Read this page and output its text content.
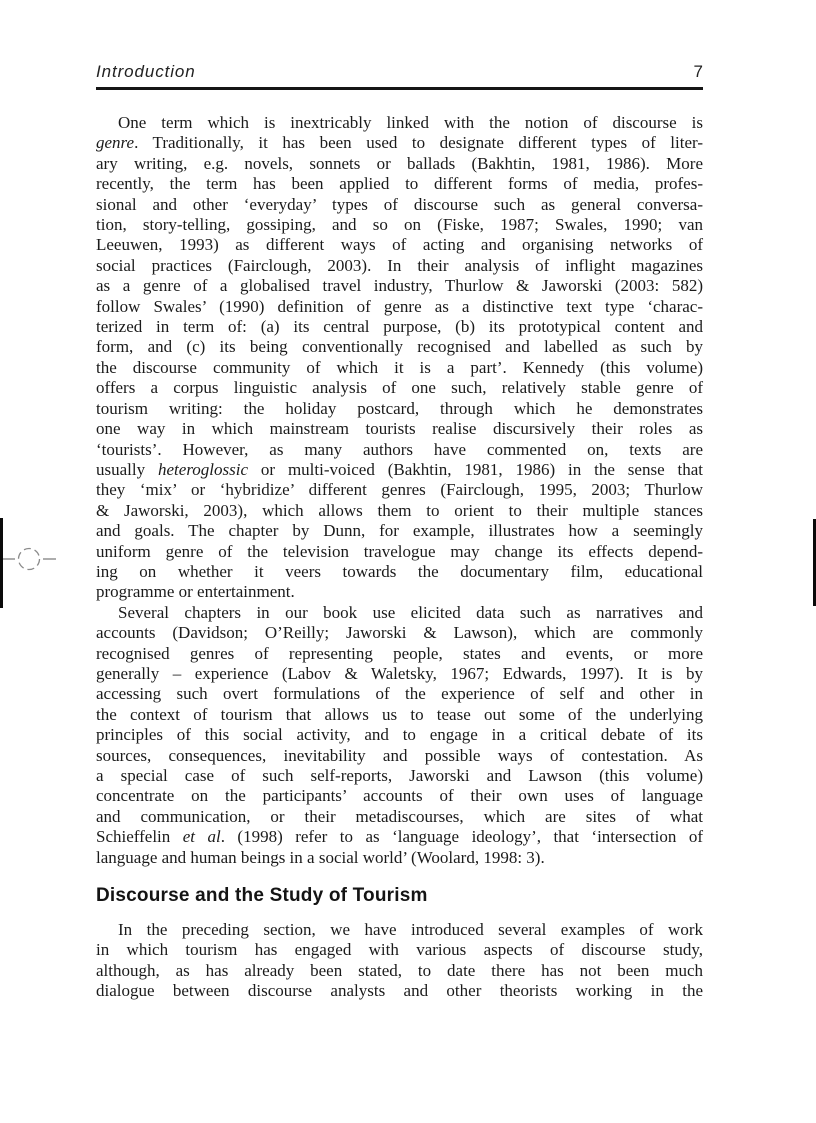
Introduction	7
One term which is inextricably linked with the notion of discourse is
genre. Traditionally, it has been used to designate different types of liter-
ary writing, e.g. novels, sonnets or ballads (Bakhtin, 1981, 1986). More
recently, the term has been applied to different forms of media, profes-
sional and other ‘everyday’ types of discourse such as general conversa-
tion, story-telling, gossiping, and so on (Fiske, 1987; Swales, 1990; van
Leeuwen, 1993) as different ways of acting and organising networks of
social practices (Fairclough, 2003). In their analysis of inflight magazines
as a genre of a globalised travel industry, Thurlow & Jaworski (2003: 582)
follow Swales’ (1990) definition of genre as a distinctive text type ‘charac-
terized in term of: (a) its central purpose, (b) its prototypical content and
form, and (c) its being conventionally recognised and labelled as such by
the discourse community of which it is a part’. Kennedy (this volume)
offers a corpus linguistic analysis of one such, relatively stable genre of
tourism writing: the holiday postcard, through which he demonstrates
one way in which mainstream tourists realise discursively their roles as
‘tourists’. However, as many authors have commented on, texts are
usually heteroglossic or multi-voiced (Bakhtin, 1981, 1986) in the sense that
they ‘mix’ or ‘hybridize’ different genres (Fairclough, 1995, 2003; Thurlow
& Jaworski, 2003), which allows them to orient to their multiple stances
and goals. The chapter by Dunn, for example, illustrates how a seemingly
uniform genre of the television travelogue may change its effects depend-
ing on whether it veers towards the documentary film, educational
programme or entertainment.
Several chapters in our book use elicited data such as narratives and
accounts (Davidson; O’Reilly; Jaworski & Lawson), which are commonly
recognised genres of representing people, states and events, or more
generally – experience (Labov & Waletsky, 1967; Edwards, 1997). It is by
accessing such overt formulations of the experience of self and other in
the context of tourism that allows us to tease out some of the underlying
principles of this social activity, and to engage in a critical debate of its
sources, consequences, inevitability and possible ways of contestation. As
a special case of such self-reports, Jaworski and Lawson (this volume)
concentrate on the participants’ accounts of their own uses of language
and communication, or their metadiscourses, which are sites of what
Schieffelin et al. (1998) refer to as ‘language ideology’, that ‘intersection of
language and human beings in a social world’ (Woolard, 1998: 3).
Discourse and the Study of Tourism
In the preceding section, we have introduced several examples of work
in which tourism has engaged with various aspects of discourse study,
although, as has already been stated, to date there has not been much
dialogue between discourse analysts and other theorists working in the
